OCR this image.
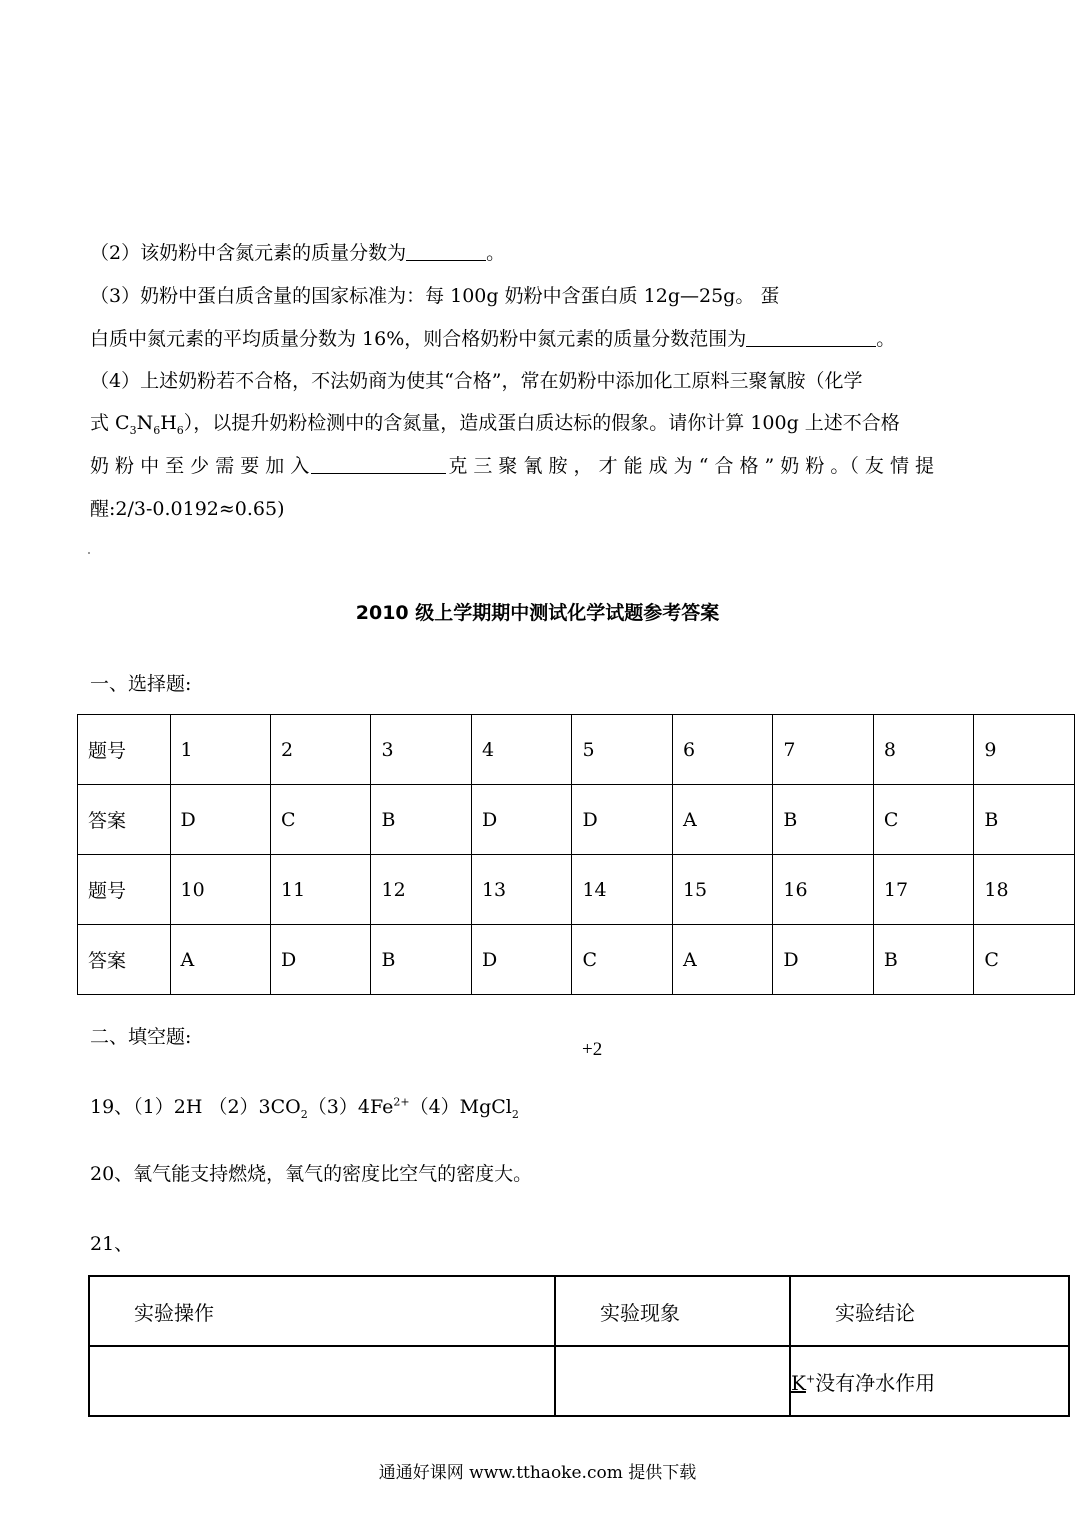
（2）该奶粉中含氮元素的质量分数为	。
（3）奶粉中蛋白质含量的国家标准为：每 100g 奶粉中含蛋白质 12g—25g。 蛋
白质中氮元素的平均质量分数为 16%，则合格奶粉中氮元素的质量分数范围为	。
（4）上述奶粉若不合格，不法奶商为使其“合格”，常在奶粉中添加化工原料三聚氰胺（化学
式 $C_3N_6H_6$），以提升奶粉检测中的含氮量，造成蛋白质达标的假象。请你计算 100g 上述不合格
奶 粉 中 至 少 需 要 加 入	克 三 聚 氰 胺 ， 才 能 成 为 “ 合 格 ” 奶 粉 。（ 友 情 提
醒:2/3-0.0192≈0.65)
2010 级上学期期中测试化学试题参考答案
一、选择题:
题号	1	2	3	4	5	6	7	8	9
答案	D	C	B	D	D	A	B	C	B
题号	10	11	12	13	14	15	16	17	18
答案	A	D	B	D	C	A	D	B	C
二、填空题:
+2
19、（1）2H $(2)3CO_2(3)4Fe^{2+}(4)MgCl_2$
20、氧气能支持燃烧，氧气的密度比空气的密度大。
21、
实验操作	实验现象	实验结论
		K+没有净水作用
通通好课网 www.tthaoke.com 提供下载
